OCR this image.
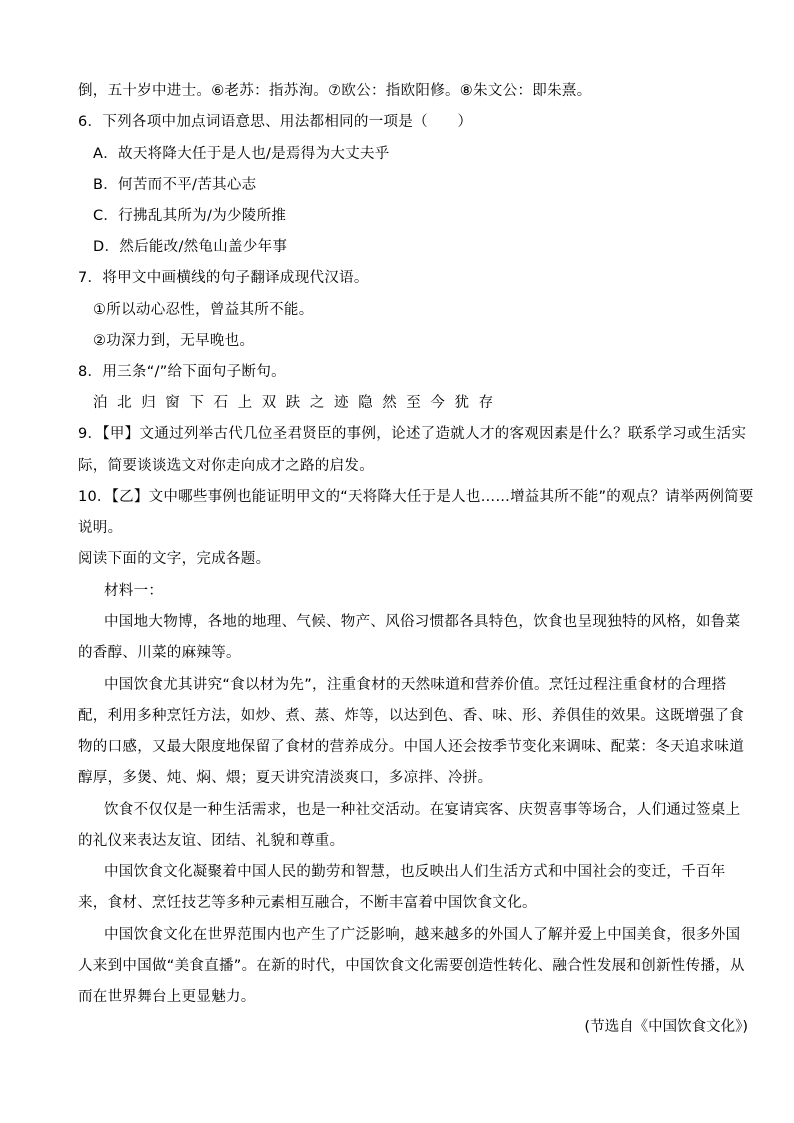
倒，五十岁中进士。⑥老苏：指苏洵。⑦欧公：指欧阳修。⑧朱文公：即朱熹。
6．下列各项中加点词语意思、用法都相同的一项是（　　）
A．故天将降大任于是人也/是焉得为大丈夫乎
B．何苦而不平/苦其心志
C．行拂乱其所为/为少陵所推
D．然后能改/然龟山盖少年事
7．将甲文中画横线的句子翻译成现代汉语。
①所以动心忍性，曾益其所不能。
②功深力到，无早晚也。
8．用三条“/”给下面句子断句。
泊北归窗下石上双趺之迹隐然至今犹存
9．【甲】文通过列举古代几位圣君贤臣的事例，论述了造就人才的客观因素是什么？联系学习或生活实
际，简要谈谈选文对你走向成才之路的启发。
10．【乙】文中哪些事例也能证明甲文的“天将降大任于是人也……增益其所不能”的观点？请举两例简要
说明。
阅读下面的文字，完成各题。
材料一：
中国地大物博，各地的地理、气候、物产、风俗习惯都各具特色，饮食也呈现独特的风格，如鲁菜
的香醇、川菜的麻辣等。
中国饮食尤其讲究“食以材为先”，注重食材的天然味道和营养价值。烹饪过程注重食材的合理搭
配，利用多种烹饪方法，如炒、煮、蒸、炸等，以达到色、香、味、形、养俱佳的效果。这既增强了食
物的口感，又最大限度地保留了食材的营养成分。中国人还会按季节变化来调味、配菜：冬天追求味道
醇厚，多煲、炖、焖、煨；夏天讲究清淡爽口，多凉拌、冷拼。
饮食不仅仅是一种生活需求，也是一种社交活动。在宴请宾客、庆贺喜事等场合，人们通过签桌上
的礼仪来表达友谊、团结、礼貌和尊重。
中国饮食文化凝聚着中国人民的勤劳和智慧，也反映出人们生活方式和中国社会的变迁，千百年
来，食材、烹饪技艺等多种元素相互融合，不断丰富着中国饮食文化。
中国饮食文化在世界范围内也产生了广泛影响，越来越多的外国人了解并爱上中国美食，很多外国
人来到中国做“美食直播”。在新的时代，中国饮食文化需要创造性转化、融合性发展和创新性传播，从
而在世界舞台上更显魅力。
(节选自《中国饮食文化》)
